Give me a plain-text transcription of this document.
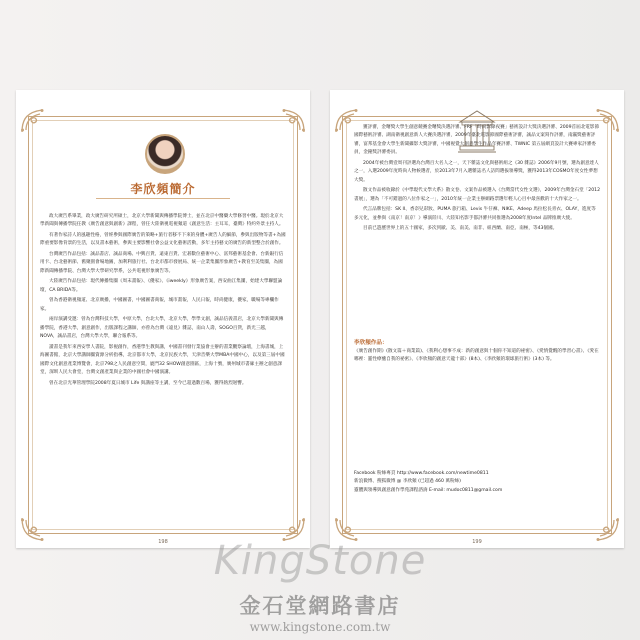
李欣頻簡介

政大廣告系畢業，政大廣告研究所碩士，北京大學新聞與傳播學院博士，並在北京中醫藥大學修習中醫。現於北京大學新聞與傳播學院任教《廣告創意與創新》課程，曾任大陸衛視電視頻道《創意生活：主耳耳，臺灣》特約外景主持人。

有著作家詩人的風趣性格，曾經參與國際廣告的策略+旅行者移不下來的身體+廣告人的細節，參與出版物等書+為國際重要影像背景的生活，以及書本藝術，參與主要影響社會公益文化藝術活動，多年主持藝文的廣告的新型整合於創作。

台灣廣告作品包括：誠品書店、誠品商場、中興百貨、遠東百貨、宏碁數位藝術中心、富邦藝術基金會、台新銀行信用卡、台北藝術節、舊聚園會場地圖，加利利旅行社、台北市都市發展局、統一企業集團形象廣告+教育至美集團，為國際新聞傳播學院、台灣大學大學研究學系，公共電視形象廣告等。

大陸廣告作品包括：現代傳播集團《周末畫報》、《優家》、《iweekly》形象廣告案，西安曲江集團，始建大學聯盟論壇，CA BRIDA等。

曾為香港衛視頻道、北京廣播，中國圖書，中國圖書商報，城市畫報，人民日報，時尚健康，優家，職場等專欄作家。

兩岸演講受邀：曾為台灣科技大學，中原大學，台北大學，北京大學，學學文創，誠品信義書店，北京大學新聞與傳播學院，香港大學，創意創作，出版課程之講師，亦曾為台灣《遠見》雜誌，南山人壽，SOGO百貨，新光三越，NOVA，誠品書店，台灣大學大學，聯合報系等。

讀書是我年來西安學人書院，影視創作，香港學生教與講，中國書刊發行業協會主辦的書業觀察論壇，上海書城，上海圖書館，北京大學講師團資源分析指導，北京都市大學，北京民族大學，天津音樂大學MBA中國中心，以及第三屆中國國際文化創意產業博覽會，北京798之人民創意空間，廈門32 SHOW創意園區，上海十號，廣州城市書廊主辦之創意課堂，深圳人民大會堂，台灣文創產業與企業的中國社會中國演講。

曾在北京光華管理學院2008年夏日城市 Life 與講座等主講，至今已超過數百場，獲得熱烈迴響。

198

獲評審，金曙獎大學生創意競賽金曙獎決選評審、FRF「時尚影錄夜賽」藝術設計大獎決選評審、2009首屆北電影節國際藝術評審、湖南衛視創意新人大賽決選評審，2009年臺北電影節國際藝術評審，誠品文案寫作評審，南瀛獎藝術評審，富邦基金會大學生新聞攝影大獎評審，中國視覺大創意學生作品年賽評審、TWNIC 第五屆網頁設計大賽專家評審委員，金鐘獎評審委員。

2004年被台灣壹周刊評選為台灣百大名人之一，天下雜誌文化與藝術組之《30 雜誌》2006年9月號，選為創意達人之一，入選2009年度時尚人物候選者，於2013年7月入選雜誌名人訪問選拔領導獎，獲得2013年COSMO年度女性夢想大獎。

散文作品被收錄於《中學現代文學大系》散文卷、文案作品被選入《台灣當代女性文選》，2009年台灣金石堂「2012書展」，選為「不可錯過的八位作家之一」，2010年統一企業主辦網路票選年輕人心目中最喜歡的十大作家之一。

代言品牌包括：SK II、香奈兒彩妝、PUMA 旅行箱、Levis 牛仔褲、NIKE、Adeep 馬拉松長青衣、OLAY，進度等多元化，並參與《南京！南京！》導演陸川、大陸知名影手都評審共同推選為2008年度Intel 品牌推廣大使。

目前已遊歷世界上的五十國家，多次到歐、美、南美、南非、紐西蘭、南亞、南極，等43個國。

李欣頻作品：

《廣告創作期》(散文篇＋商業篇)、《我利心想事不成：新的創意與十個你不知道的祕密》、《愛情覺醒的學習心書》、《愛在哪裡：靈性療癒自我的祕密》、《李欣頻的創意天龍十部》(8本)、《李欣頻的環球旅行術》(3本) 等。

Facebook 粉絲專頁 http://www.facebook.com/newtime0811
新浪微博、搜狐微博 @ 李欣頻 (已超過 460 萬粉絲)
靈體與領導與創意創作學苑課程諮詢 E-mail: mudoc0811@gmail.com
199
KingStone
金石堂網路書店
www.kingstone.com.tw
